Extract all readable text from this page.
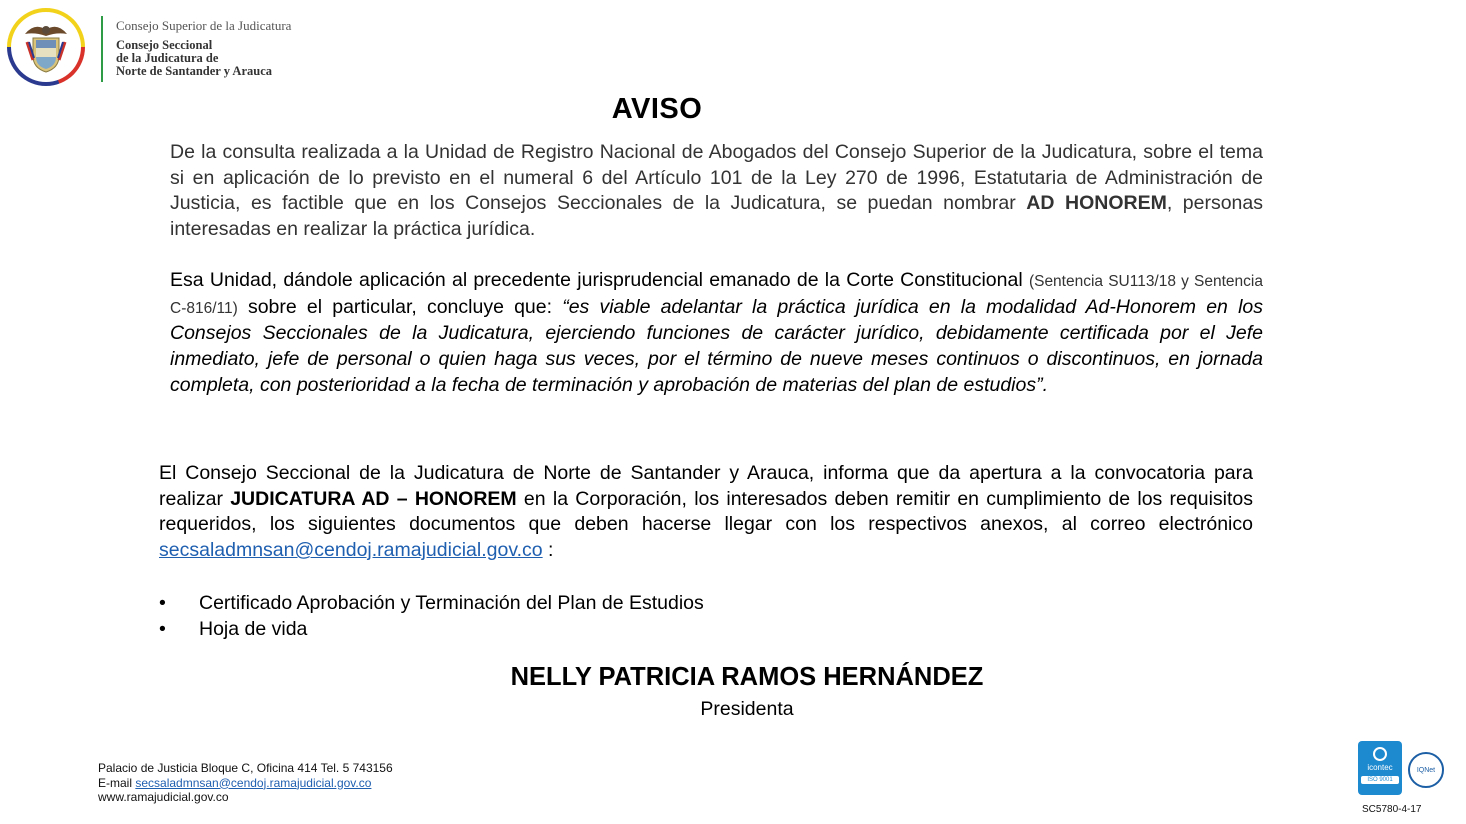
Consejo Superior de la Judicatura
Consejo Seccional
de la Judicatura de
Norte de Santander y Arauca
AVISO
De la consulta realizada a la Unidad de Registro Nacional de Abogados del Consejo Superior de la Judicatura, sobre el tema si en aplicación de lo previsto en el numeral 6 del Artículo 101 de la Ley 270 de 1996, Estatutaria de Administración de Justicia, es factible que en los Consejos Seccionales de la Judicatura, se puedan nombrar AD HONOREM, personas interesadas en realizar la práctica jurídica.
Esa Unidad, dándole aplicación al precedente jurisprudencial emanado de la Corte Constitucional (Sentencia SU113/18 y Sentencia C-816/11) sobre el particular, concluye que: “es viable adelantar la práctica jurídica en la modalidad Ad-Honorem en los Consejos Seccionales de la Judicatura, ejerciendo funciones de carácter jurídico, debidamente certificada por el Jefe inmediato, jefe de personal o quien haga sus veces, por el término de nueve meses continuos o discontinuos, en jornada completa, con posterioridad a la fecha de terminación y aprobación de materias del plan de estudios”.
El Consejo Seccional de la Judicatura de Norte de Santander y Arauca, informa que da apertura a la convocatoria para realizar JUDICATURA AD – HONOREM en la Corporación, los interesados deben remitir en cumplimiento de los requisitos requeridos, los siguientes documentos que deben hacerse llegar con los respectivos anexos, al correo electrónico secsaladmnsan@cendoj.ramajudicial.gov.co :
• Certificado Aprobación y Terminación del Plan de Estudios
• Hoja de vida
NELLY PATRICIA RAMOS HERNÁNDEZ
Presidenta
Palacio de Justicia Bloque C, Oficina 414 Tel. 5 743156
E-mail secsaladmnsan@cendoj.ramajudicial.gov.co
www.ramajudicial.gov.co
icontec
ISO 9001
IQNet
SC5780-4-17
